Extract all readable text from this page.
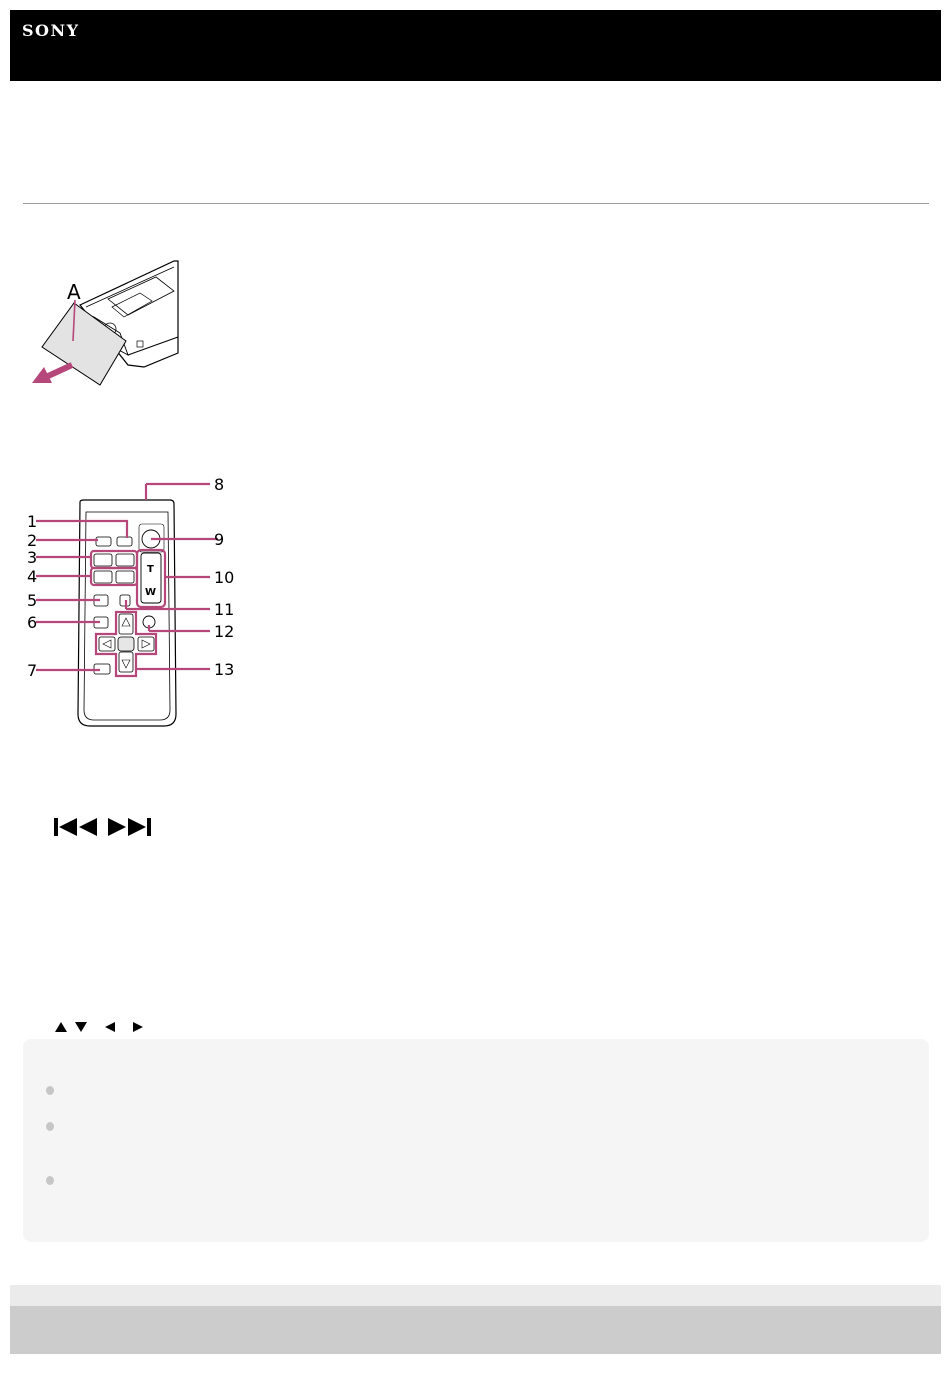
SONY
A
T
W
1
2
3
4
5
6
7
8
9
10
11
12
13
